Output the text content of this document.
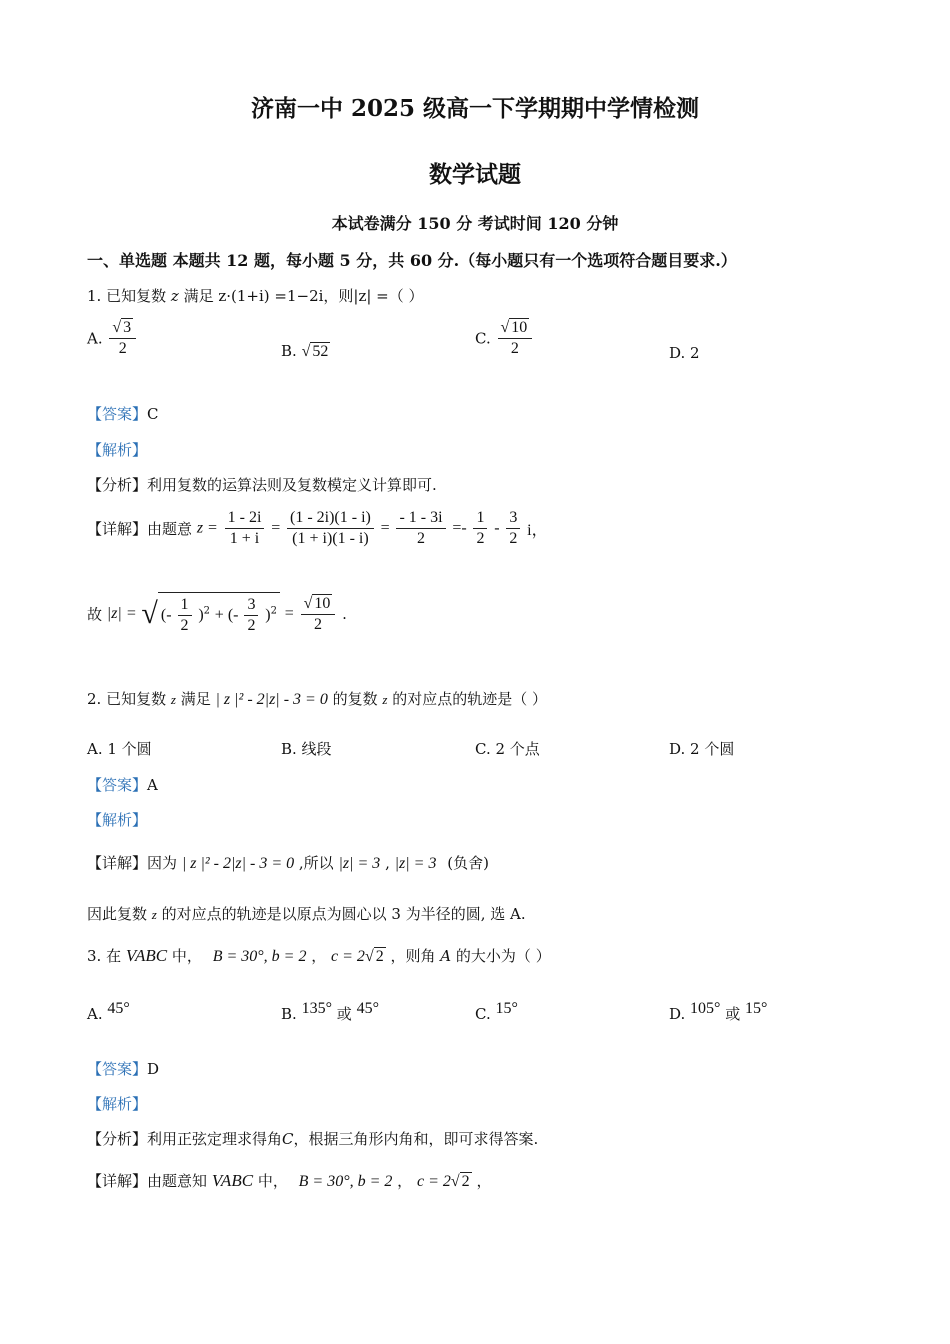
济南一中 2025 级高一下学期期中学情检测
数学试题
本试卷满分 150 分 考试时间 120 分钟
一、单选题 本题共 12 题，每小题 5 分，共 60 分.（每小题只有一个选项符合题目要求.）
1. 已知复数 z 满足 z·(1+i) =1−2i，则|z| =（ ）
A. $\frac{√ 3}{2}$	B. √ 52
C. $\frac{√ 10}{2}$	D. 2
【答案】C
【解析】
【分析】利用复数的运算法则及复数模定义计算即可.
【详解】由题意 $z = \frac{1 - 2i}{1 + i} = \frac{(1 - 2i)(1 - i)}{(1 + i)(1 - i)} = \frac{- 1 - 3i}{2} =- \frac{1}{2} - \frac{3}{2}$ i，
故 |z| = √ (- $\frac{1}{2} )^2$ + (- $\frac{3}{2} )^2 = \frac{√ 10}{2}$ .
2. 已知复数 z 满足 | z |² - 2|z| - 3 = 0 的复数 z 的对应点的轨迹是（ ）
A. 1 个圆	B. 线段	C. 2 个点	D. 2 个圆
【答案】A
【解析】
【详解】因为 | z |² - 2|z| - 3 = 0 ,所以 |z| = 3 , |z| = 3 (负舍)
因此复数 z 的对应点的轨迹是以原点为圆心以 3 为半径的圆, 选 A.
3. 在 VABC 中， B = 30°, b = 2 ， c = 2√ 2 ，则角 A 的大小为（ ）
A. 45°	B. 135° 或 45°	C. 15°	D. 105° 或 15°
【答案】D
【解析】
【分析】利用正弦定理求得角C，根据三角形内角和，即可求得答案.
【详解】由题意知 VABC 中， B = 30°, b = 2 ， c = 2√ 2 ，
